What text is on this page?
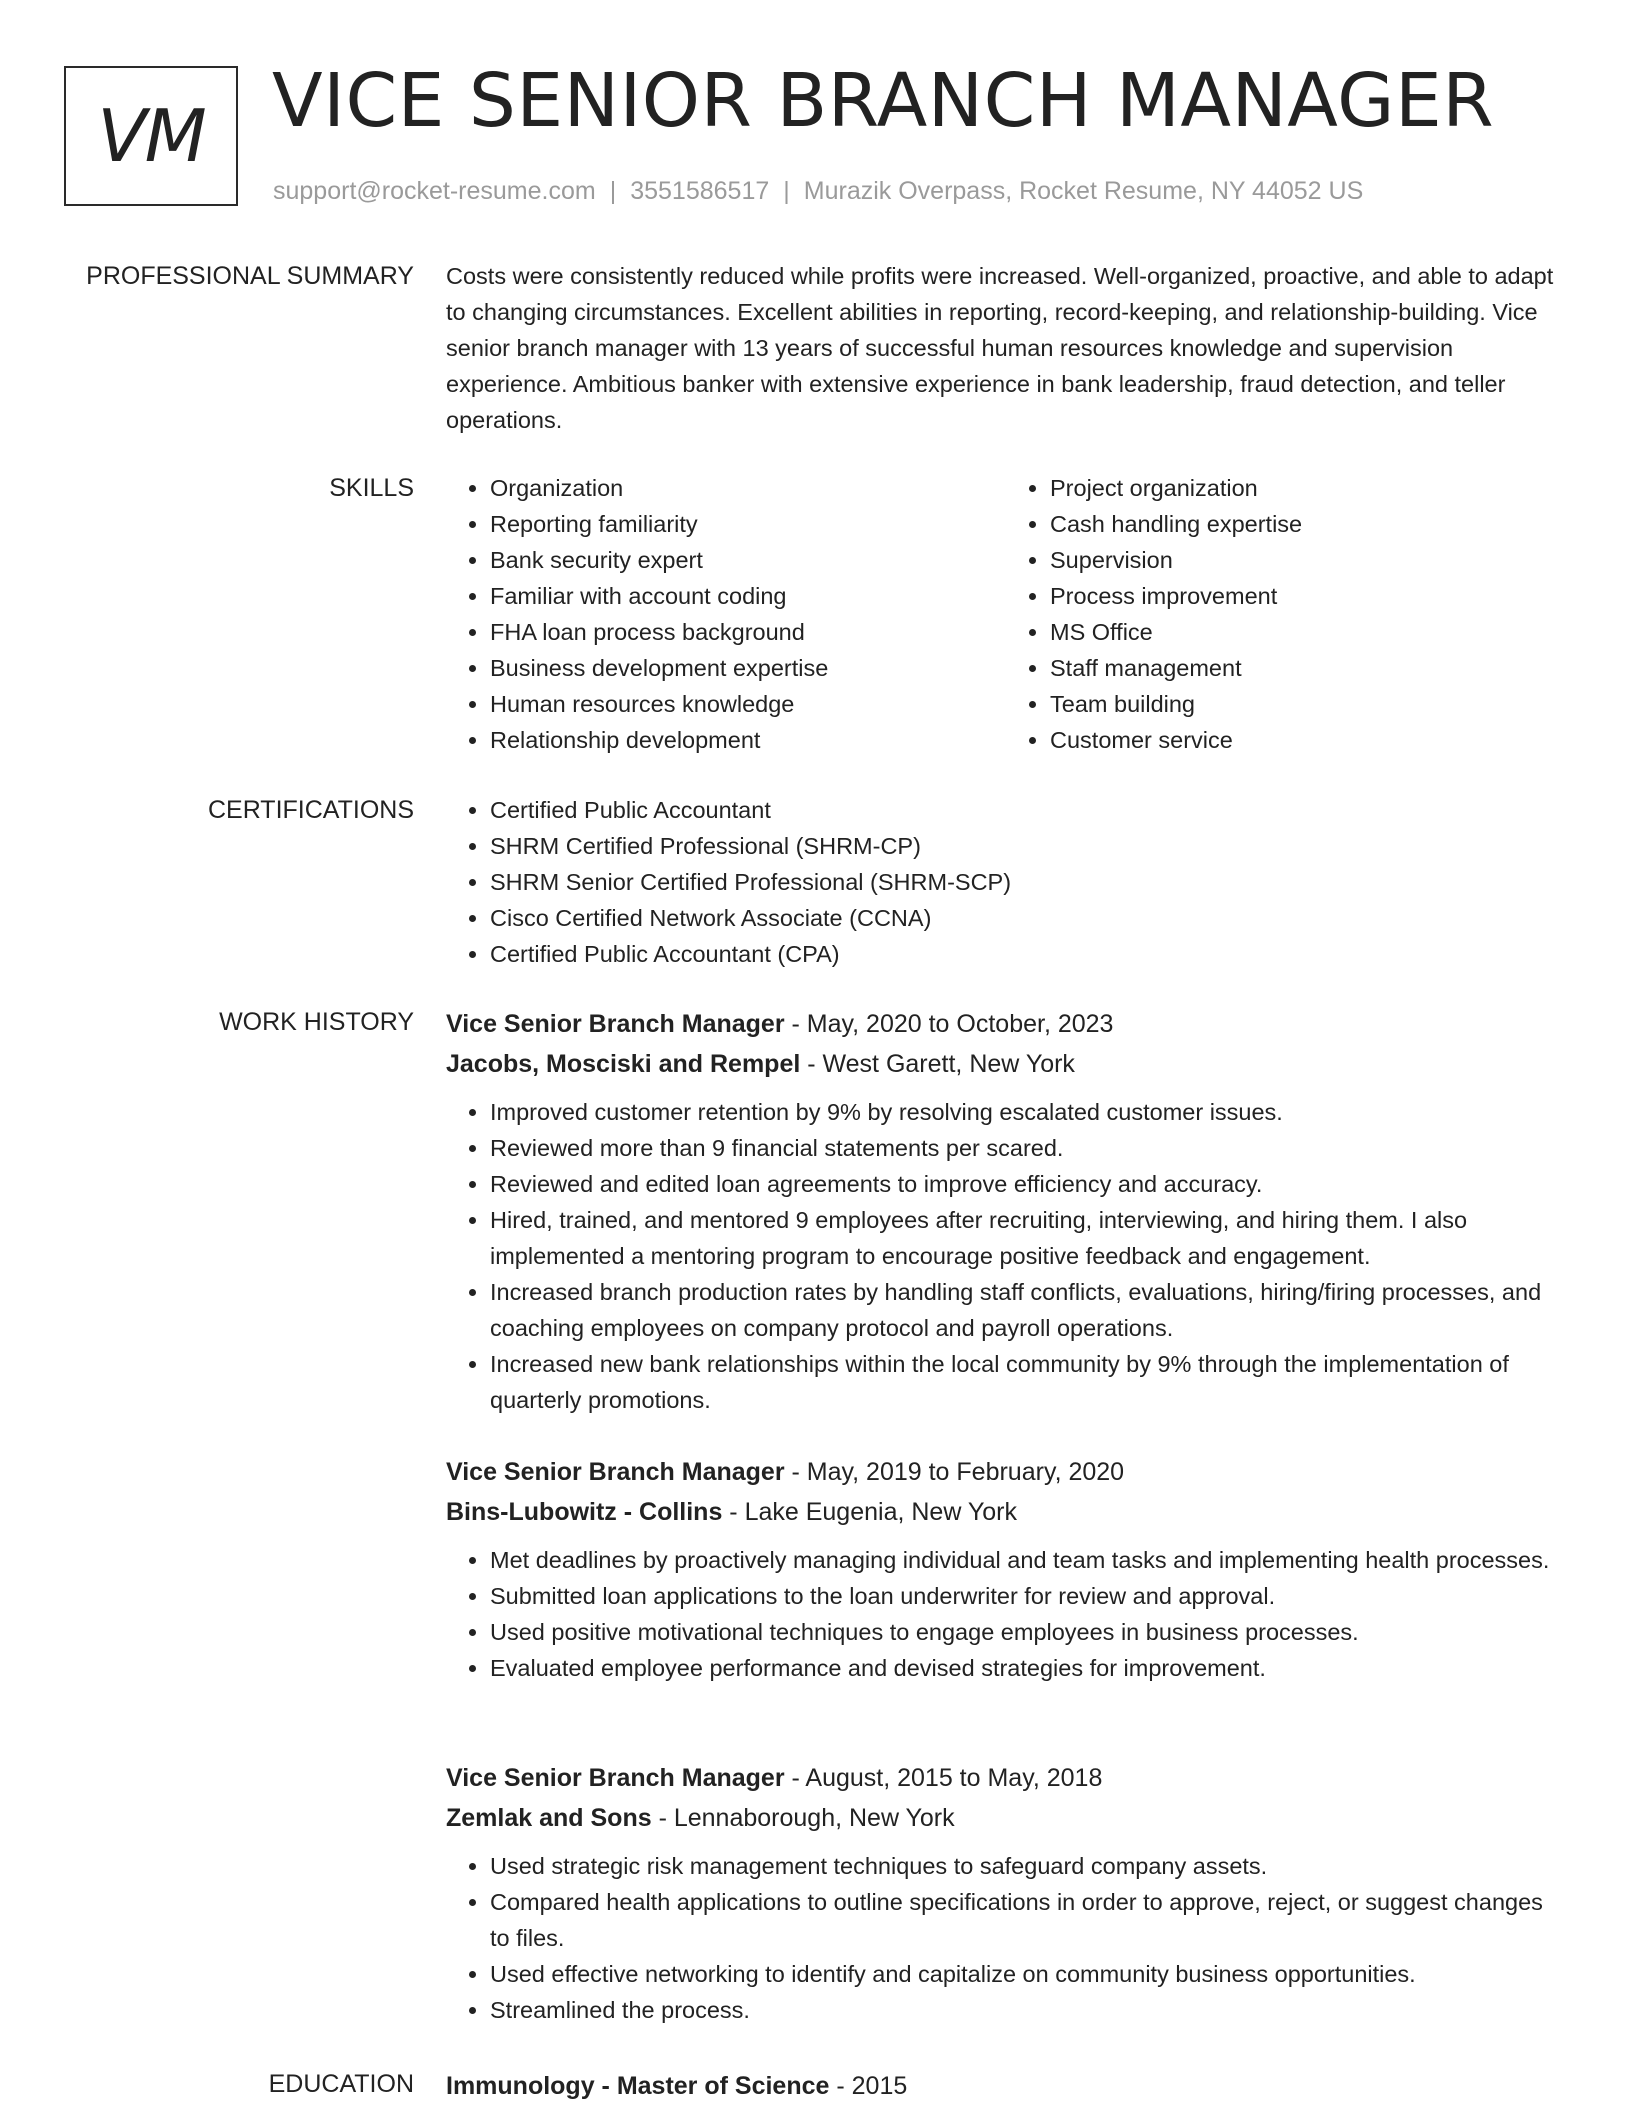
VM VICE SENIOR BRANCH MANAGER
support@rocket-resume.com | 3551586517 | Murazik Overpass, Rocket Resume, NY 44052 US
PROFESSIONAL SUMMARY Costs were consistently reduced while profits were increased. Well-organized, proactive, and able to adapt to changing circumstances. Excellent abilities in reporting, record-keeping, and relationship-building. Vice senior branch manager with 13 years of successful human resources knowledge and supervision experience. Ambitious banker with extensive experience in bank leadership, fraud detection, and teller operations.

SKILLS	• Organization
• Reporting familiarity
• Bank security expert
• Familiar with account coding
• FHA loan process background
• Business development expertise
• Human resources knowledge
• Relationship development
• Project organization
• Cash handling expertise
• Supervision
• Process improvement
• MS Office
• Staff management
• Team building
• Customer service
CERTIFICATIONS	• Certified Public Accountant
• SHRM Certified Professional (SHRM-CP)
• SHRM Senior Certified Professional (SHRM-SCP)
• Cisco Certified Network Associate (CCNA)
• Certified Public Accountant (CPA)
WORK HISTORY Vice Senior Branch Manager - May, 2020 to October, 2023
Jacobs, Mosciski and Rempel - West Garett, New York
• Improved customer retention by 9% by resolving escalated customer issues.
• Reviewed more than 9 financial statements per scared.
• Reviewed and edited loan agreements to improve efficiency and accuracy.
• Hired, trained, and mentored 9 employees after recruiting, interviewing, and hiring them. I also implemented a mentoring program to encourage positive feedback and engagement.
• Increased branch production rates by handling staff conflicts, evaluations, hiring/firing processes, and coaching employees on company protocol and payroll operations.
• Increased new bank relationships within the local community by 9% through the implementation of quarterly promotions.
Vice Senior Branch Manager - May, 2019 to February, 2020
Bins-Lubowitz - Collins - Lake Eugenia, New York
• Met deadlines by proactively managing individual and team tasks and implementing health processes.
• Submitted loan applications to the loan underwriter for review and approval.
• Used positive motivational techniques to engage employees in business processes.
• Evaluated employee performance and devised strategies for improvement.
Vice Senior Branch Manager - August, 2015 to May, 2018
Zemlak and Sons - Lennaborough, New York
• Used strategic risk management techniques to safeguard company assets.
• Compared health applications to outline specifications in order to approve, reject, or suggest changes to files.
• Used effective networking to identify and capitalize on community business opportunities.
• Streamlined the process.
EDUCATION Immunology - Master of Science - 2015
